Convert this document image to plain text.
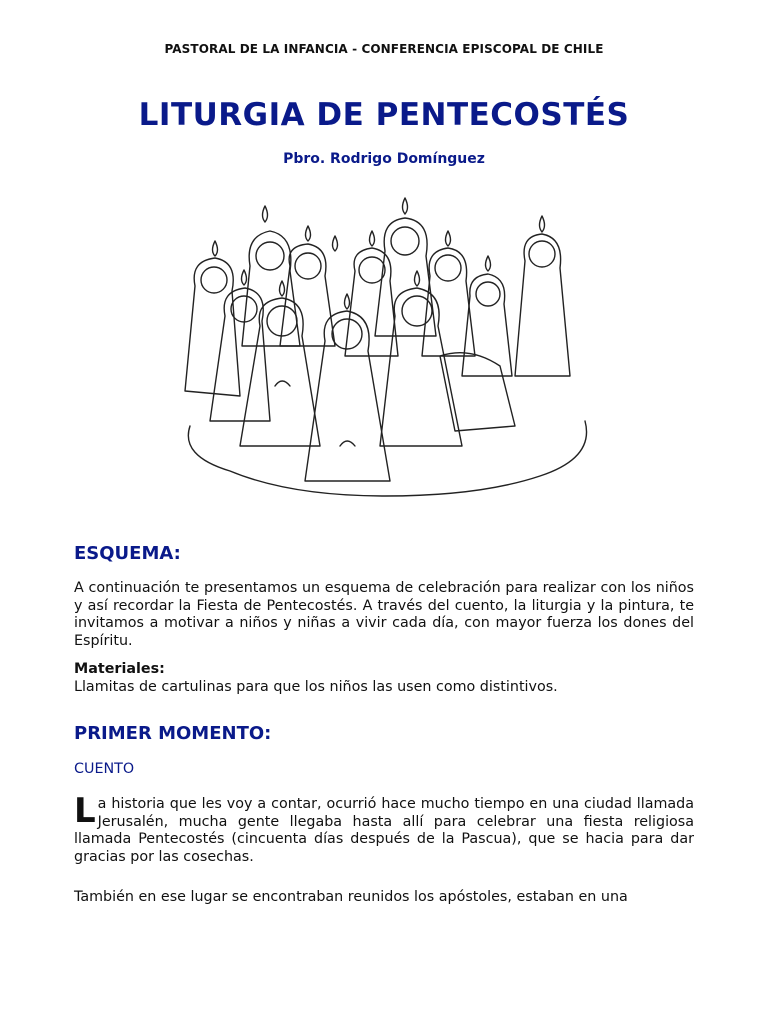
PASTORAL DE LA INFANCIA - CONFERENCIA EPISCOPAL DE CHILE
LITURGIA DE PENTECOSTÉS
Pbro. Rodrigo Domínguez
ESQUEMA:
A continuación te presentamos un esquema de celebración para realizar con los niños y así recordar la Fiesta de Pentecostés. A través del cuento, la liturgia y la pintura, te invitamos a motivar a niños y niñas a vivir cada día, con mayor fuerza los dones del Espíritu.
Materiales:
Llamitas de cartulinas para que los niños las usen como distintivos.
PRIMER MOMENTO:
CUENTO
La historia que les voy a contar, ocurrió hace mucho tiempo en una ciudad llamada Jerusalén, mucha gente llegaba hasta allí para celebrar una fiesta religiosa llamada Pentecostés (cincuenta días después de la Pascua), que se hacia para dar gracias por las cosechas.
También en ese lugar se encontraban reunidos los apóstoles, estaban en una
